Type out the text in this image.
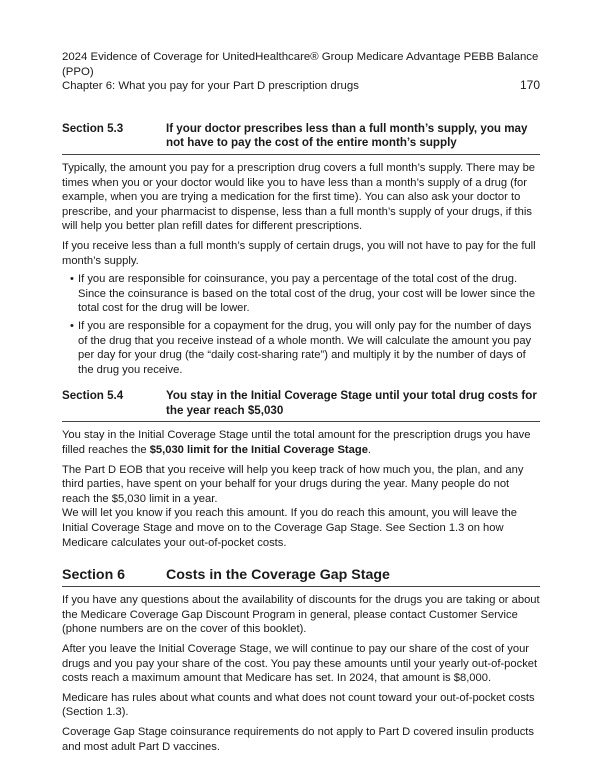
2024 Evidence of Coverage for UnitedHealthcare® Group Medicare Advantage PEBB Balance
(PPO)
Chapter 6: What you pay for your Part D prescription drugs	170
Section 5.3	If your doctor prescribes less than a full month’s supply, you may not have to pay the cost of the entire month’s supply

Typically, the amount you pay for a prescription drug covers a full month’s supply. There may be times when you or your doctor would like you to have less than a month’s supply of a drug (for example, when you are trying a medication for the first time). You can also ask your doctor to prescribe, and your pharmacist to dispense, less than a full month’s supply of your drugs, if this will help you better plan refill dates for different prescriptions.

If you receive less than a full month’s supply of certain drugs, you will not have to pay for the full month’s supply.

• If you are responsible for coinsurance, you pay a percentage of the total cost of the drug. Since the coinsurance is based on the total cost of the drug, your cost will be lower since the total cost for the drug will be lower.
• If you are responsible for a copayment for the drug, you will only pay for the number of days of the drug that you receive instead of a whole month. We will calculate the amount you pay per day for your drug (the “daily cost-sharing rate”) and multiply it by the number of days of the drug you receive.
Section 5.4	You stay in the Initial Coverage Stage until your total drug costs for the year reach $5,030

You stay in the Initial Coverage Stage until the total amount for the prescription drugs you have filled reaches the $5,030 limit for the Initial Coverage Stage.

The Part D EOB that you receive will help you keep track of how much you, the plan, and any third parties, have spent on your behalf for your drugs during the year. Many people do not reach the $5,030 limit in a year.

We will let you know if you reach this amount. If you do reach this amount, you will leave the Initial Coverage Stage and move on to the Coverage Gap Stage. See Section 1.3 on how Medicare calculates your out-of-pocket costs.

Section 6	Costs in the Coverage Gap Stage

If you have any questions about the availability of discounts for the drugs you are taking or about the Medicare Coverage Gap Discount Program in general, please contact Customer Service (phone numbers are on the cover of this booklet).

After you leave the Initial Coverage Stage, we will continue to pay our share of the cost of your drugs and you pay your share of the cost. You pay these amounts until your yearly out-of-pocket costs reach a maximum amount that Medicare has set. In 2024, that amount is $8,000.

Medicare has rules about what counts and what does not count toward your out-of-pocket costs (Section 1.3).

Coverage Gap Stage coinsurance requirements do not apply to Part D covered insulin products and most adult Part D vaccines.
